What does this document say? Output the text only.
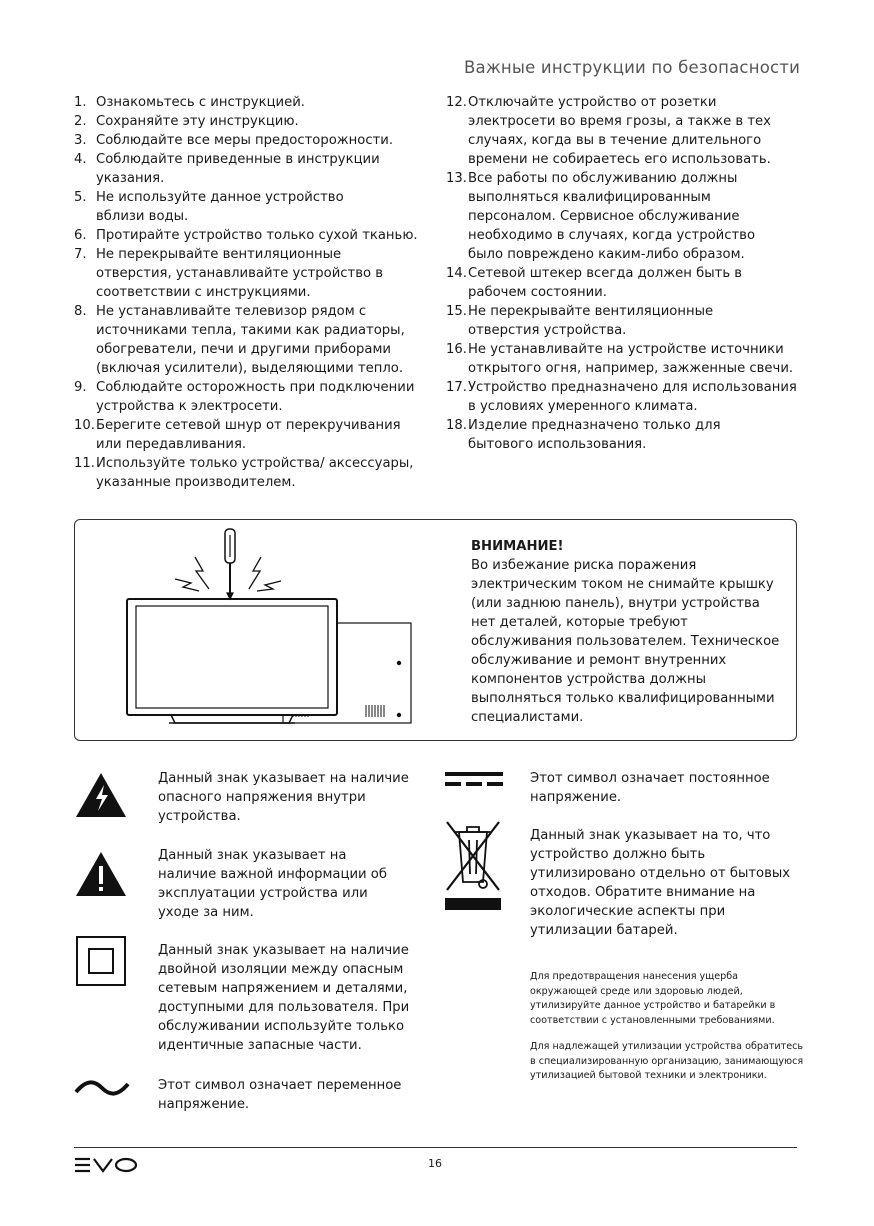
Важные инструкции по безопасности
1. Ознакомьтесь с инструкцией.
2. Сохраняйте эту инструкцию.
3. Соблюдайте все меры предосторожности.
4. Соблюдайте приведенные в инструкции указания.
5. Не используйте данное устройство вблизи воды.
6. Протирайте устройство только сухой тканью.
7. Не перекрывайте вентиляционные отверстия, устанавливайте устройство в соответствии с инструкциями.
8. Не устанавливайте телевизор рядом с источниками тепла, такими как радиаторы, обогреватели, печи и другими приборами (включая усилители), выделяющими тепло.
9. Соблюдайте осторожность при подключении устройства к электросети.
10. Берегите сетевой шнур от перекручивания или передавливания.
11. Используйте только устройства/ аксессуары, указанные производителем.
12. Отключайте устройство от розетки электросети во время грозы, а также в тех случаях, когда вы в течение длительного времени не собираетесь его использовать.
13. Все работы по обслуживанию должны выполняться квалифицированным персоналом. Сервисное обслуживание необходимо в случаях, когда устройство было повреждено каким-либо образом.
14. Сетевой штекер всегда должен быть в рабочем состоянии.
15. Не перекрывайте вентиляционные отверстия устройства.
16. Не устанавливайте на устройстве источники открытого огня, например, зажженные свечи.
17. Устройство предназначено для использования в условиях умеренного климата.
18. Изделие предназначено только для бытового использования.
ВНИМАНИЕ!
Во избежание риска поражения электрическим током не снимайте крышку (или заднюю панель), внутри устройства нет деталей, которые требуют обслуживания пользователем. Техническое обслуживание и ремонт внутренних компонентов устройства должны выполняться только квалифицированными специалистами.
Данный знак указывает на наличие опасного напряжения внутри устройства.
Данный знак указывает на наличие важной информации об эксплуатации устройства или уходе за ним.
Данный знак указывает на наличие двойной изоляции между опасным сетевым напряжением и деталями, доступными для пользователя. При обслуживании используйте только идентичные запасные части.
Этот символ означает переменное напряжение.
Этот символ означает постоянное напряжение.
Данный знак указывает на то, что устройство должно быть утилизировано отдельно от бытовых отходов. Обратите внимание на экологические аспекты при утилизации батарей.
Для предотвращения нанесения ущерба окружающей среде или здоровью людей, утилизируйте данное устройство и батарейки в соответствии с установленными требованиями.
Для надлежащей утилизации устройства обратитесь в специализированную организацию, занимающуюся утилизацией бытовой техники и электроники.
16
